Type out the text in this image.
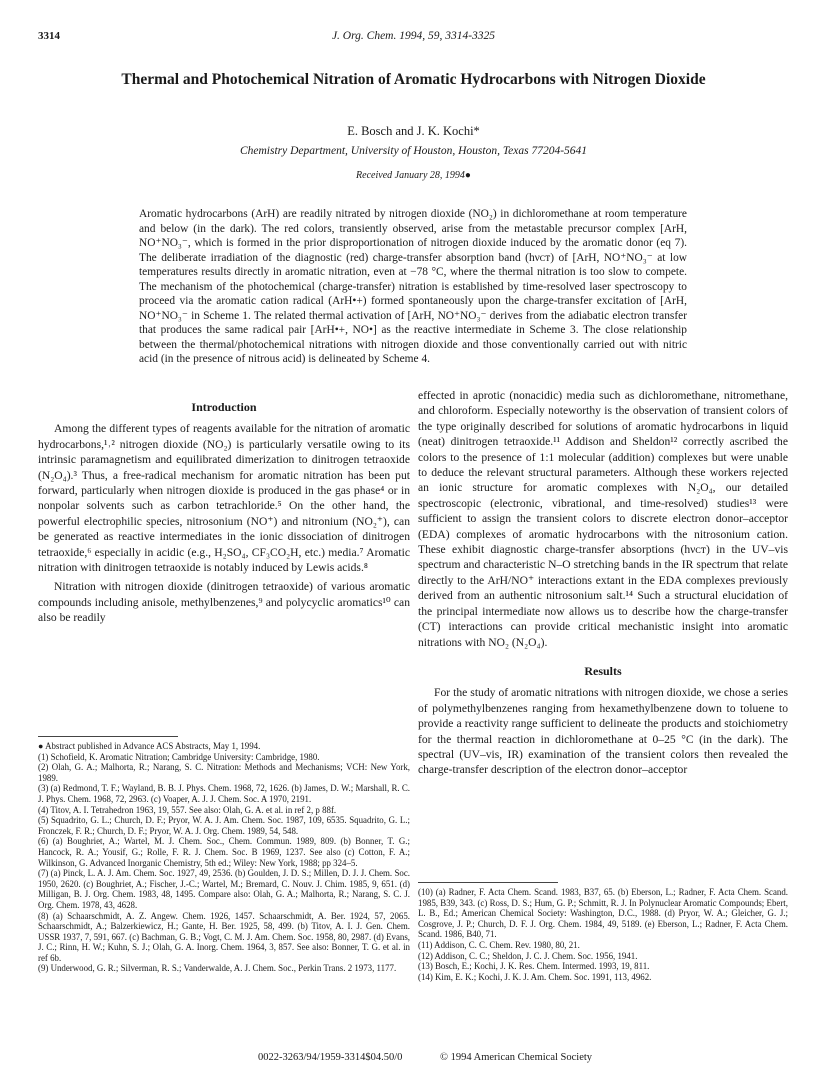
3314	J. Org. Chem. 1994, 59, 3314-3325
Thermal and Photochemical Nitration of Aromatic Hydrocarbons with Nitrogen Dioxide
E. Bosch and J. K. Kochi*
Chemistry Department, University of Houston, Houston, Texas 77204-5641
Received January 28, 1994●

Aromatic hydrocarbons (ArH) are readily nitrated by nitrogen dioxide (NO₂) in dichloromethane at room temperature and below (in the dark). The red colors, transiently observed, arise from the metastable precursor complex [ArH, NO⁺NO₃⁻, which is formed in the prior disproportionation of nitrogen dioxide induced by the aromatic donor (eq 7). The deliberate irradiation of the diagnostic (red) charge-transfer absorption band (hνᴄᴛ) of [ArH, NO⁺NO₃⁻ at low temperatures results directly in aromatic nitration, even at −78 °C, where the thermal nitration is too slow to compete. The mechanism of the photochemical (charge-transfer) nitration is established by time-resolved laser spectroscopy to proceed via the aromatic cation radical (ArH•+) formed spontaneously upon the charge-transfer excitation of [ArH, NO⁺NO₃⁻ in Scheme 1. The related thermal activation of [ArH, NO⁺NO₃⁻ derives from the adiabatic electron transfer that produces the same radical pair [ArH•+, NO•] as the reactive intermediate in Scheme 3. The close relationship between the thermal/photochemical nitrations with nitrogen dioxide and those conventionally carried out with nitric acid (in the presence of nitrous acid) is delineated by Scheme 4.

Introduction

Among the different types of reagents available for the nitration of aromatic hydrocarbons,¹˒² nitrogen dioxide (NO₂) is particularly versatile owing to its intrinsic paramagnetism and equilibrated dimerization to dinitrogen tetraoxide (N₂O₄).³ Thus, a free-radical mechanism for aromatic nitration has been put forward, particularly when nitrogen dioxide is produced in the gas phase⁴ or in nonpolar solvents such as carbon tetrachloride.⁵ On the other hand, the powerful electrophilic species, nitrosonium (NO⁺) and nitronium (NO₂⁺), can be generated as reactive intermediates in the ionic dissociation of dinitrogen tetraoxide,⁶ especially in acidic (e.g., H₂SO₄, CF₃CO₂H, etc.) media.⁷ Aromatic nitration with dinitrogen tetraoxide is notably induced by Lewis acids.⁸

Nitration with nitrogen dioxide (dinitrogen tetraoxide) of various aromatic compounds including anisole, methylbenzenes,⁹ and polycyclic aromatics¹⁰ can also be readily

● Abstract published in Advance ACS Abstracts, May 1, 1994.

(1) Schofield, K. Aromatic Nitration; Cambridge University: Cambridge, 1980.

(2) Olah, G. A.; Malhorta, R.; Narang, S. C. Nitration: Methods and Mechanisms; VCH: New York, 1989.

(3) (a) Redmond, T. F.; Wayland, B. B. J. Phys. Chem. 1968, 72, 1626. (b) James, D. W.; Marshall, R. C. J. Phys. Chem. 1968, 72, 2963. (c) Voaper, A. J. J. Chem. Soc. A 1970, 2191.

(4) Titov, A. I. Tetrahedron 1963, 19, 557. See also: Olah, G. A. et al. in ref 2, p 88f.

(5) Squadrito, G. L.; Church, D. F.; Pryor, W. A. J. Am. Chem. Soc. 1987, 109, 6535. Squadrito, G. L.; Fronczek, F. R.; Church, D. F.; Pryor, W. A. J. Org. Chem. 1989, 54, 548.

(6) (a) Boughriet, A.; Wartel, M. J. Chem. Soc., Chem. Commun. 1989, 809. (b) Bonner, T. G.; Hancock, R. A.; Yousif, G.; Rolle, F. R. J. Chem. Soc. B 1969, 1237. See also (c) Cotton, F. A.; Wilkinson, G. Advanced Inorganic Chemistry, 5th ed.; Wiley: New York, 1988; pp 324–5.

(7) (a) Pinck, L. A. J. Am. Chem. Soc. 1927, 49, 2536. (b) Goulden, J. D. S.; Millen, D. J. J. Chem. Soc. 1950, 2620. (c) Boughriet, A.; Fischer, J.-C.; Wartel, M.; Bremard, C. Nouv. J. Chim. 1985, 9, 651. (d) Milligan, B. J. Org. Chem. 1983, 48, 1495. Compare also: Olah, G. A.; Malhorta, R.; Narang, S. C. J. Org. Chem. 1978, 43, 4628.

(8) (a) Schaarschmidt, A. Z. Angew. Chem. 1926, 1457. Schaarschmidt, A. Ber. 1924, 57, 2065. Schaarschmidt, A.; Balzerkiewicz, H.; Gante, H. Ber. 1925, 58, 499. (b) Titov, A. I. J. Gen. Chem. USSR 1937, 7, 591, 667. (c) Bachman, G. B.; Vogt, C. M. J. Am. Chem. Soc. 1958, 80, 2987. (d) Evans, J. C.; Rinn, H. W.; Kuhn, S. J.; Olah, G. A. Inorg. Chem. 1964, 3, 857. See also: Bonner, T. G. et al. in ref 6b.

(9) Underwood, G. R.; Silverman, R. S.; Vanderwalde, A. J. Chem. Soc., Perkin Trans. 2 1973, 1177.

effected in aprotic (nonacidic) media such as dichloromethane, nitromethane, and chloroform. Especially noteworthy is the observation of transient colors of the type originally described for solutions of aromatic hydrocarbons in liquid (neat) dinitrogen tetraoxide.¹¹ Addison and Sheldon¹² correctly ascribed the colors to the presence of 1:1 molecular (addition) complexes but were unable to deduce the relevant structural parameters. Although these workers rejected an ionic structure for aromatic complexes with N₂O₄, our detailed spectroscopic (electronic, vibrational, and time-resolved) studies¹³ were sufficient to assign the transient colors to discrete electron donor–acceptor (EDA) complexes of aromatic hydrocarbons with the nitrosonium cation. These exhibit diagnostic charge-transfer absorptions (hνᴄᴛ) in the UV–vis spectrum and characteristic N–O stretching bands in the IR spectrum that relate directly to the ArH/NO⁺ interactions extant in the EDA complexes previously derived from an authentic nitrosonium salt.¹⁴ Such a structural elucidation of the principal intermediate now allows us to describe how the charge-transfer (CT) interactions can provide critical mechanistic insight into aromatic nitrations with NO₂ (N₂O₄).

Results

For the study of aromatic nitrations with nitrogen dioxide, we chose a series of polymethylbenzenes ranging from hexamethylbenzene down to toluene to provide a reactivity range sufficient to delineate the products and stoichiometry for the thermal reaction in dichloromethane at 0–25 °C (in the dark). The spectral (UV–vis, IR) examination of the transient colors then revealed the charge-transfer description of the electron donor–acceptor

(10) (a) Radner, F. Acta Chem. Scand. 1983, B37, 65. (b) Eberson, L.; Radner, F. Acta Chem. Scand. 1985, B39, 343. (c) Ross, D. S.; Hum, G. P.; Schmitt, R. J. In Polynuclear Aromatic Compounds; Ebert, L. B., Ed.; American Chemical Society: Washington, D.C., 1988. (d) Pryor, W. A.; Gleicher, G. J.; Cosgrove, J. P.; Church, D. F. J. Org. Chem. 1984, 49, 5189. (e) Eberson, L.; Radner, F. Acta Chem. Scand. 1986, B40, 71.

(11) Addison, C. C. Chem. Rev. 1980, 80, 21.

(12) Addison, C. C.; Sheldon, J. C. J. Chem. Soc. 1956, 1941.

(13) Bosch, E.; Kochi, J. K. Res. Chem. Intermed. 1993, 19, 811.

(14) Kim, E. K.; Kochi, J. K. J. Am. Chem. Soc. 1991, 113, 4962.

0022-3263/94/1959-3314$04.50/0	© 1994 American Chemical Society
